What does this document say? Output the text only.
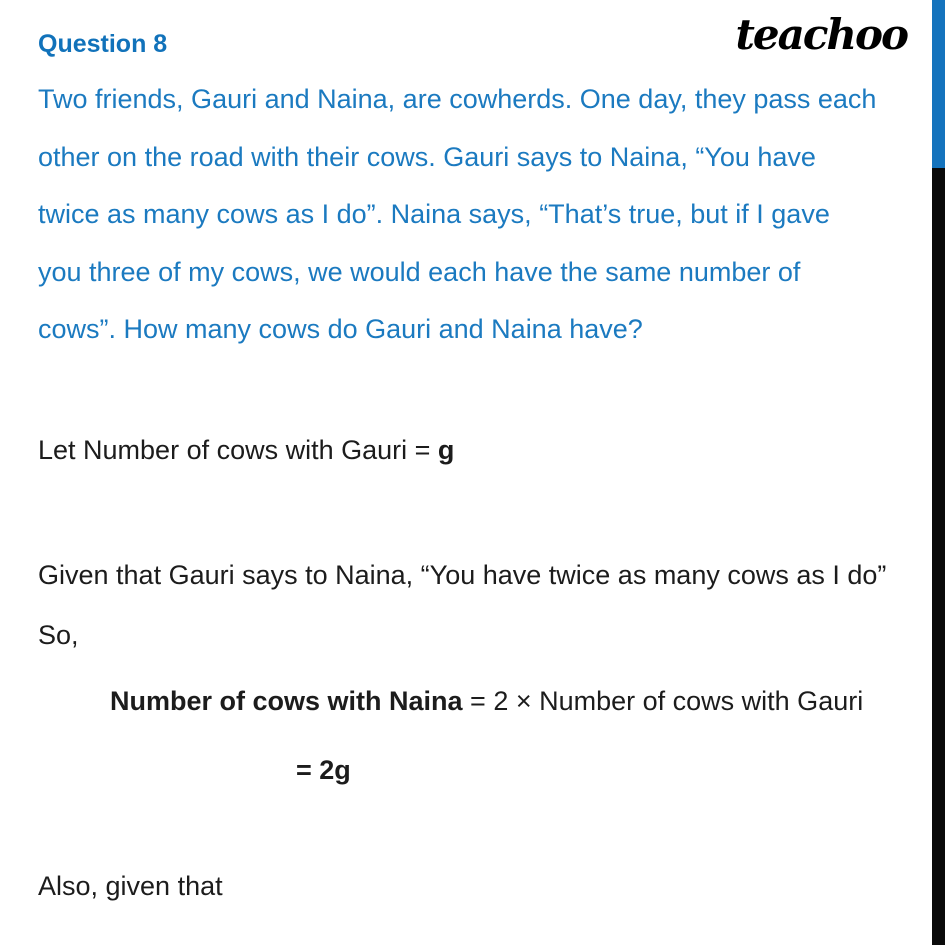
teachoo
Question 8

Two friends, Gauri and Naina, are cowherds. One day, they pass each

other on the road with their cows. Gauri says to Naina, “You have

twice as many cows as I do”. Naina says, “That’s true, but if I gave

you three of my cows, we would each have the same number of

cows”. How many cows do Gauri and Naina have?

Let Number of cows with Gauri = g

Given that Gauri says to Naina, “You have twice as many cows as I do”

So,

Number of cows with Naina = 2 × Number of cows with Gauri

= 2g

Also, given that
